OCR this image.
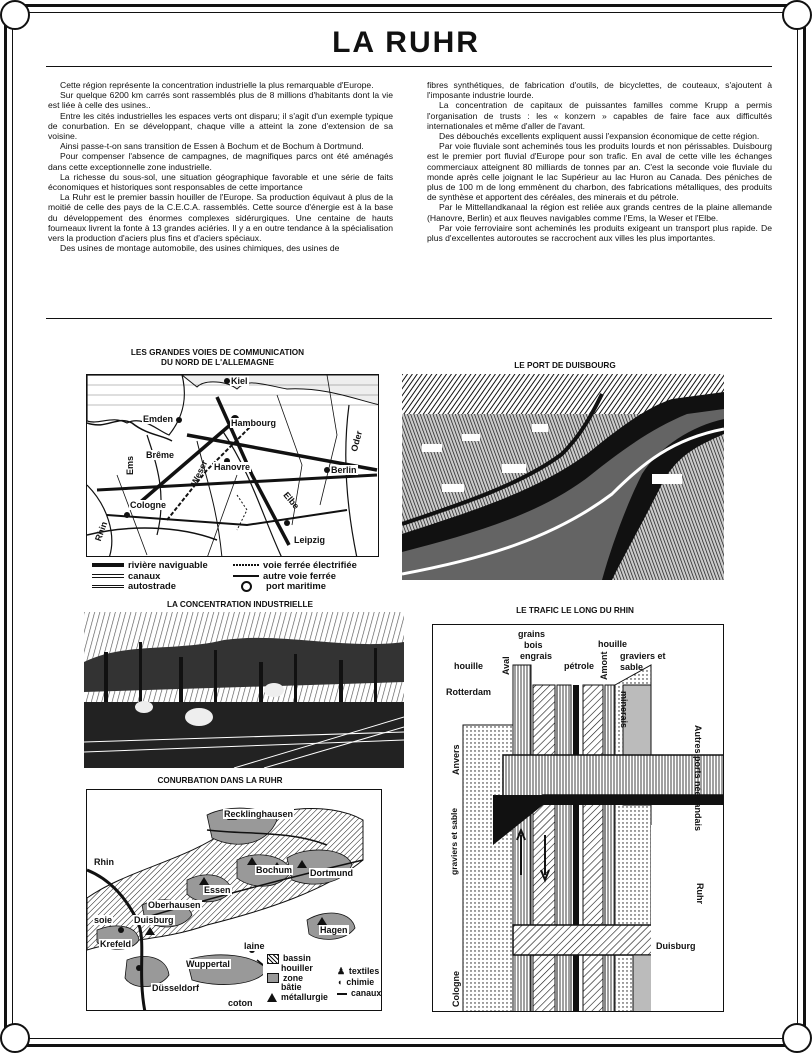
LA RUHR

Cette région représente la concentration industrielle la plus remarquable d'Europe.

Sur quelque 6200 km carrés sont rassemblés plus de 8 millions d'habitants dont la vie est liée à celle des usines..

Entre les cités industrielles les espaces verts ont disparu; il s'agit d'un exemple typique de conurbation. En se développant, chaque ville a atteint la zone d'extension de sa voisine.

Ainsi passe-t-on sans transition de Essen à Bochum et de Bochum à Dortmund.

Pour compenser l'absence de campagnes, de magnifiques parcs ont été aménagés dans cette exceptionnelle zone industrielle.

La richesse du sous-sol, une situation géographique favorable et une série de faits économiques et historiques sont responsables de cette importance

La Ruhr est le premier bassin houiller de l'Europe. Sa production équivaut à plus de la moitié de celle des pays de la C.E.C.A. rassemblés. Cette source d'énergie est à la base du développement des énormes complexes sidérurgiques. Une centaine de hauts fourneaux livrent la fonte à 13 grandes aciéries. Il y a en outre tendance à la spécialisation vers la production d'aciers plus fins et d'aciers spéciaux.

Des usines de montage automobile, des usines chimiques, des usines de

fibres synthétiques, de fabrication d'outils, de bicyclettes, de couteaux, s'ajoutent à l'imposante industrie lourde.

La concentration de capitaux de puissantes familles comme Krupp a permis l'organisation de trusts : les « konzern » capables de faire face aux difficultés internationales et même d'aller de l'avant.

Des débouchés excellents expliquent aussi l'expansion économique de cette région.

Par voie fluviale sont acheminés tous les produits lourds et non périssables. Duisbourg est le premier port fluvial d'Europe pour son trafic. En aval de cette ville les échanges commerciaux atteignent 80 milliards de tonnes par an. C'est la seconde voie fluviale du monde après celle joignant le lac Supérieur au lac Huron au Canada. Des péniches de plus de 100 m de long emmènent du charbon, des fabrications métalliques, des produits de synthèse et apportent des céréales, des minerais et du pétrole.

Par le Mittellandkanaal la région est reliée aux grands centres de la plaine allemande (Hanovre, Berlin) et aux fleuves navigables comme l'Ems, la Weser et l'Elbe.

Par voie ferroviaire sont acheminés les produits exigeant un transport plus rapide. De plus d'excellentes autoroutes se raccrochent aux villes les plus importantes.

LES GRANDES VOIES DE COMMUNICATION
DU NORD DE L'ALLEMAGNE
Kiel
Emden	Hambourg
Brême
Hanovre	Berlin
Cologne
Leipzig
Ems	Weser
Elbe
Oder
Rhin
rivière naviguable
canaux
autostrade
voie ferrée électrifiée
autre voie ferrée
port maritime
LE PORT DE DUISBOURG
LA CONCENTRATION INDUSTRIELLE
CONURBATION DANS LA RUHR
Recklinghausen
Rhin
Bochum Dortmund
Essen
Oberhausen
soie Duisburg
Krefeld
Hagen
laine
Wuppertal
Düsseldorf
coton
bassin
houiller
zone
bâtie
métallurgie
♟ textiles
◖ chimie
canaux
LE TRAFIC LE LONG DU RHIN
grains
bois
engrais
houille Aval	Amont
pétrole
houille
graviers et
sable
Rotterdam	minerais
Anvers	Autres ports néerlandais
graviers et sable
Ruhr
Duisburg
Cologne
